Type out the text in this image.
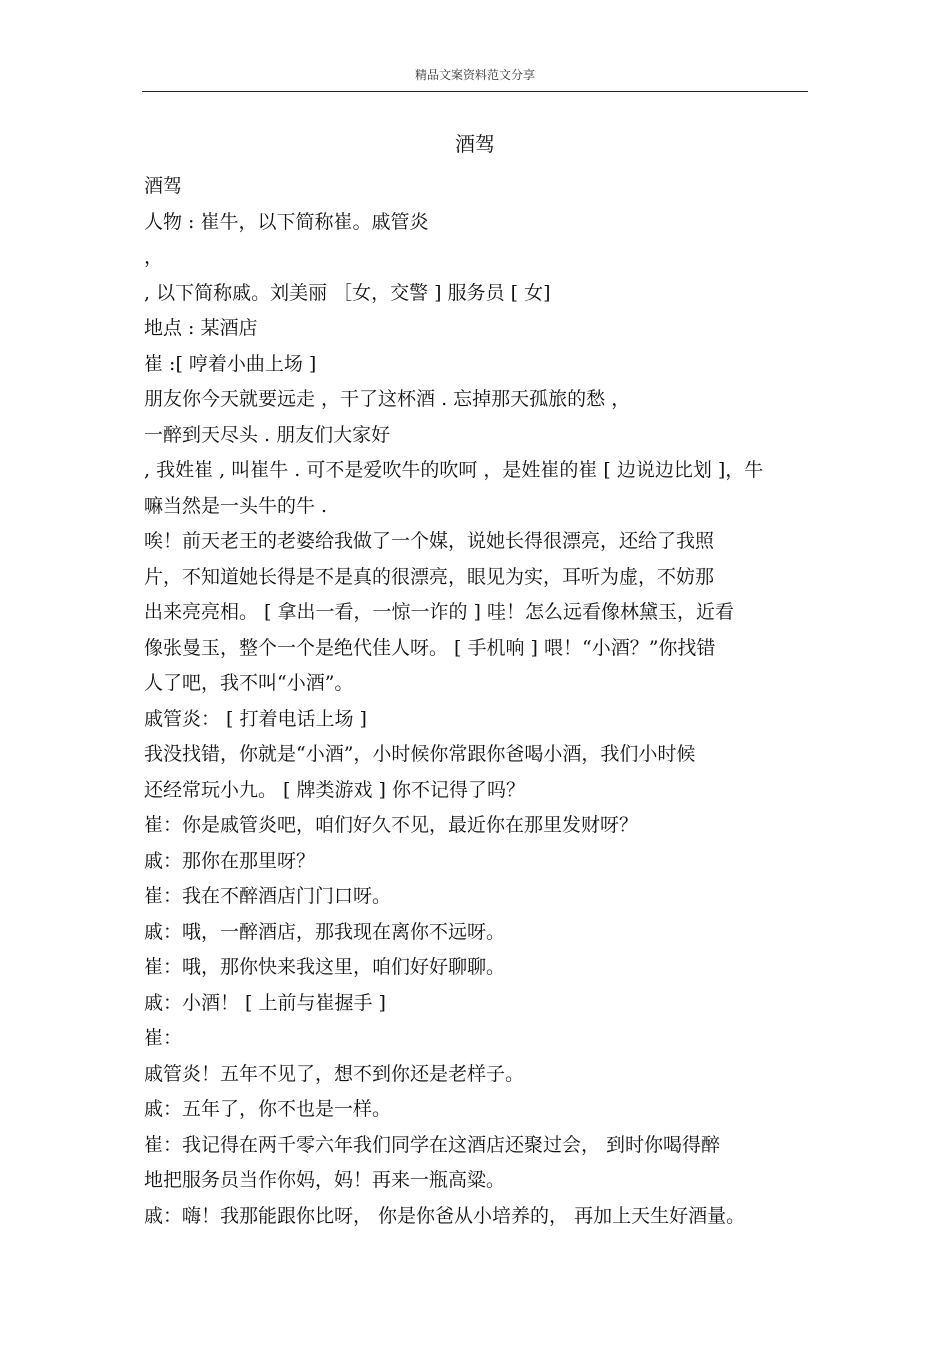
精品文案资料范文分享
酒驾
酒驾
人物 : 崔牛，以下简称崔。戚管炎
，
, 以下简称戚。刘美丽 ［女，交警 ] 服务员 [ 女]
地点 : 某酒店
崔 :[ 哼着小曲上场 ]
朋友你今天就要远走 ，干了这杯酒 . 忘掉那天孤旅的愁 ，
一醉到天尽头 . 朋友们大家好
, 我姓崔 , 叫崔牛 . 可不是爱吹牛的吹呵 ，是姓崔的崔 [ 边说边比划 ]，牛
嘛当然是一头牛的牛 .
唉！前天老王的老婆给我做了一个媒，说她长得很漂亮，还给了我照
片，不知道她长得是不是真的很漂亮，眼见为实，耳听为虚，不妨那
出来亮亮相。 [ 拿出一看，一惊一诈的 ] 哇！怎么远看像林黛玉，近看
像张曼玉，整个一个是绝代佳人呀。 [ 手机响 ] 喂！“小酒？”你找错
人了吧，我不叫“小酒”。
戚管炎： [ 打着电话上场 ]
我没找错，你就是“小酒”，小时候你常跟你爸喝小酒，我们小时候
还经常玩小九。 [ 牌类游戏 ] 你不记得了吗？
崔：你是戚管炎吧，咱们好久不见，最近你在那里发财呀？
戚：那你在那里呀？
崔：我在不醉酒店门门口呀。
戚：哦，一醉酒店，那我现在离你不远呀。
崔：哦，那你快来我这里，咱们好好聊聊。
戚：小酒！ [ 上前与崔握手 ]
崔：
戚管炎！五年不见了，想不到你还是老样子。
戚：五年了，你不也是一样。
崔：我记得在两千零六年我们同学在这酒店还聚过会， 到时你喝得醉
地把服务员当作你妈，妈！再来一瓶高粱。
戚：嗨！我那能跟你比呀， 你是你爸从小培养的， 再加上天生好酒量。
